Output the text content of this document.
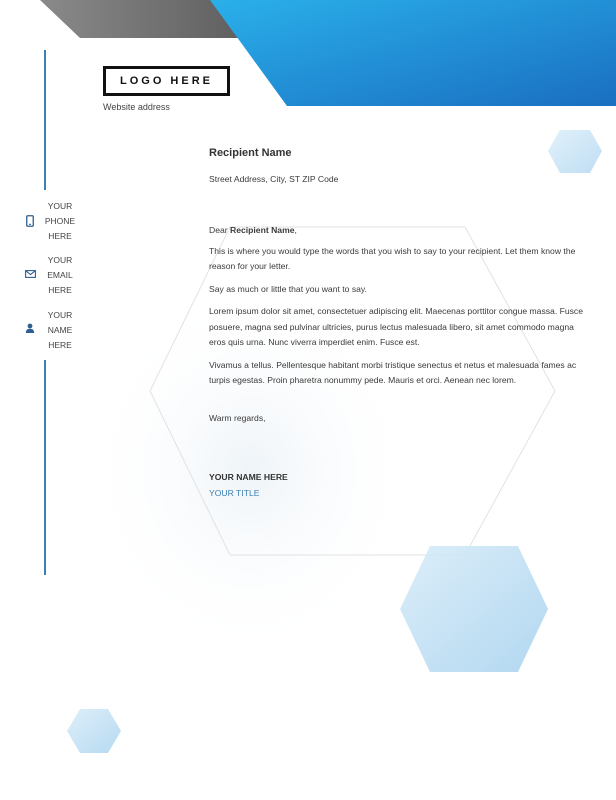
LOGO HERE
Website address
YOUR
PHONE
HERE
YOUR
EMAIL
HERE
YOUR
NAME
HERE

Recipient Name

Street Address, City, ST ZIP Code

Dear Recipient Name,

This is where you would type the words that you wish to say to your recipient. Let them know the reason for your letter.

Say as much or little that you want to say.

Lorem ipsum dolor sit amet, consectetuer adipiscing elit. Maecenas porttitor congue massa. Fusce posuere, magna sed pulvinar ultricies, purus lectus malesuada libero, sit amet commodo magna eros quis urna. Nunc viverra imperdiet enim. Fusce est.

Vivamus a tellus. Pellentesque habitant morbi tristique senectus et netus et malesuada fames ac turpis egestas. Proin pharetra nonummy pede. Mauris et orci. Aenean nec lorem.

Warm regards,

YOUR NAME HERE

YOUR TITLE
